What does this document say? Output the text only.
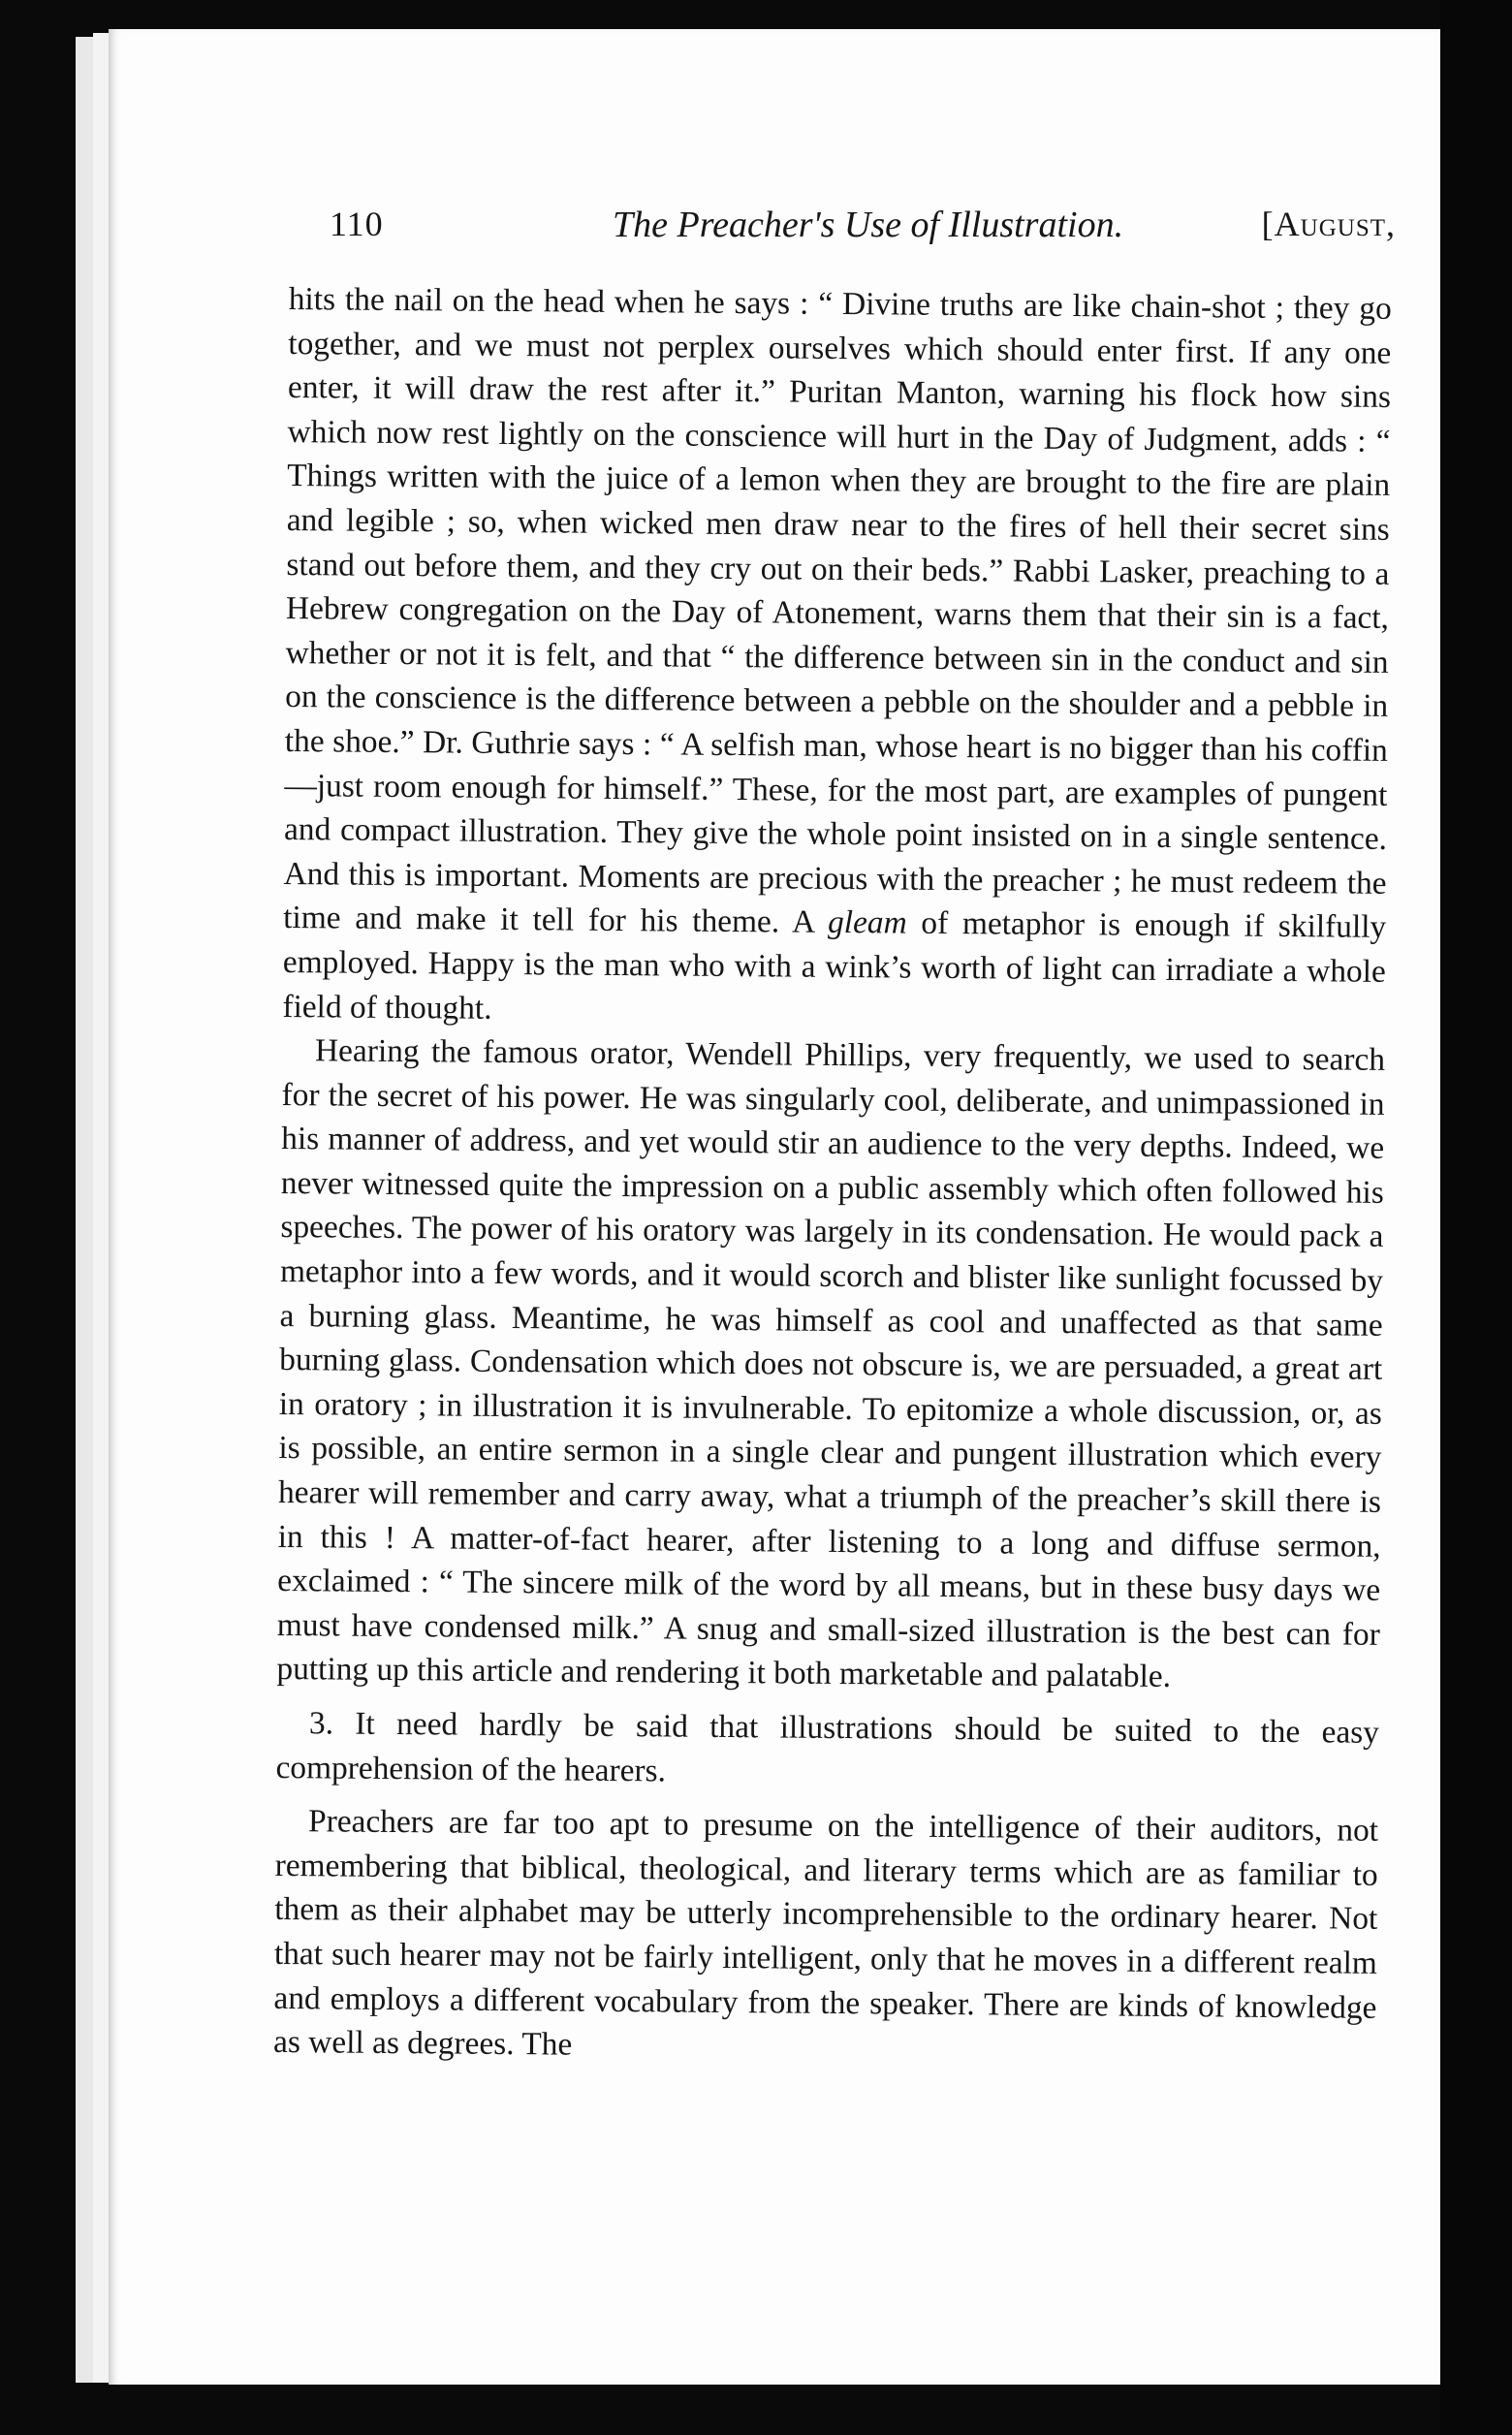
110	The Preacher's Use of Illustration.	[August,

hits the nail on the head when he says : “ Divine truths are like chain-shot ; they go together, and we must not perplex ourselves which should enter first. If any one enter, it will draw the rest after it.” Puritan Manton, warning his flock how sins which now rest lightly on the conscience will hurt in the Day of Judgment, adds : “ Things written with the juice of a lemon when they are brought to the fire are plain and legible ; so, when wicked men draw near to the fires of hell their secret sins stand out before them, and they cry out on their beds.” Rabbi Lasker, preaching to a Hebrew congregation on the Day of Atonement, warns them that their sin is a fact, whether or not it is felt, and that “ the difference between sin in the conduct and sin on the conscience is the difference between a pebble on the shoulder and a pebble in the shoe.” Dr. Guthrie says : “ A selfish man, whose heart is no bigger than his coffin —just room enough for himself.” These, for the most part, are examples of pungent and compact illustration. They give the whole point insisted on in a single sentence. And this is important. Moments are precious with the preacher ; he must redeem the time and make it tell for his theme. A gleam of metaphor is enough if skilfully employed. Happy is the man who with a wink’s worth of light can irradiate a whole field of thought.

Hearing the famous orator, Wendell Phillips, very frequently, we used to search for the secret of his power. He was singularly cool, deliberate, and unimpassioned in his manner of address, and yet would stir an audience to the very depths. Indeed, we never witnessed quite the impression on a public assembly which often followed his speeches. The power of his oratory was largely in its condensation. He would pack a metaphor into a few words, and it would scorch and blister like sunlight focussed by a burning glass. Meantime, he was himself as cool and unaffected as that same burning glass. Condensation which does not obscure is, we are persuaded, a great art in oratory ; in illustration it is invulnerable. To epitomize a whole discussion, or, as is possible, an entire sermon in a single clear and pungent illustration which every hearer will remember and carry away, what a triumph of the preacher’s skill there is in this ! A matter-of-fact hearer, after listening to a long and diffuse sermon, exclaimed : “ The sincere milk of the word by all means, but in these busy days we must have condensed milk.” A snug and small-sized illustration is the best can for putting up this article and rendering it both marketable and palatable.

3. It need hardly be said that illustrations should be suited to the easy comprehension of the hearers.

Preachers are far too apt to presume on the intelligence of their auditors, not remembering that biblical, theological, and literary terms which are as familiar to them as their alphabet may be utterly incomprehensible to the ordinary hearer. Not that such hearer may not be fairly intelligent, only that he moves in a different realm and employs a different vocabulary from the speaker. There are kinds of knowledge as well as degrees. The
